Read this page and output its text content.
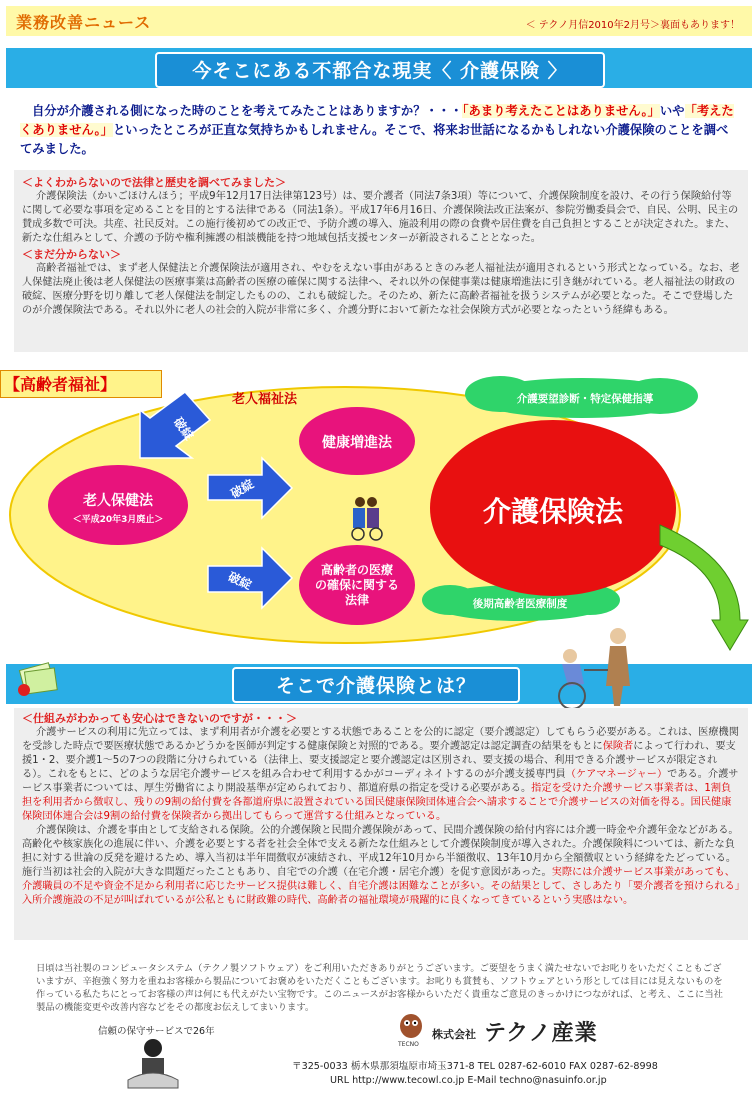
業務改善ニュース	＜ テクノ月信2010年2月号＞裏面もあります！
今そこにある不都合な現実〈 介護保険 〉
自分が介護される側になった時のことを考えてみたことはありますか？・・・「あまり考えたことはありません。」いや「考えたくありません。」といったところが正直な気持ちかもしれません。そこで、将来お世話になるかもしれない介護保険のことを調べてみました。
＜よくわからないので法律と歴史を調べてみました＞

介護保険法（かいごほけんほう；平成9年12月17日法律第123号）は、要介護者（同法7条3項）等について、介護保険制度を設け、その行う保険給付等に関して必要な事項を定めることを目的とする法律である（同法1条）。平成17年6月16日、介護保険法改正法案が、参院労働委員会で、自民、公明、民主の賛成多数で可決。共産、社民反対。この施行後初めての改正で、予防介護の導入、施設利用の際の食費や居住費を自己負担とすることが決定された。また、新たな仕組みとして、介護の予防や権利擁護の相談機能を持つ地域包括支援センターが新設されることとなった。

＜まだ分からない＞

高齢者福祉では、まず老人保健法と介護保険法が適用され、やむをえない事由があるときのみ老人福祉法が適用されるという形式となっている。なお、老人保健法廃止後は老人保健法の医療事業は高齢者の医療の確保に関する法律へ、それ以外の保健事業は健康増進法に引き継がれている。老人福祉法の財政の破綻、医療分野を切り離して老人保健法を制定したものの、これも破綻した。そのため、新たに高齢者福祉を扱うシステムが必要となった。そこで登場したのが介護保険法である。それ以外に老人の社会的入院が非常に多く、介護分野において新たな社会保険方式が必要となったという経緯もある。

【高齢者福祉】
老人福祉法
健康増進法
老人保健法
＜平成20年3月廃止＞
高齢者の医療
の確保に関する
法律
介護保険法
介護要望診断・特定保健指導
後期高齢者医療制度
破綻
破綻
破綻
そこで介護保険とは？
＜仕組みがわかっても安心はできないのですが・・・＞

介護サービスの利用に先立っては、まず利用者が介護を必要とする状態であることを公的に認定（要介護認定）してもらう必要がある。これは、医療機関を受診した時点で要医療状態であるかどうかを医師が判定する健康保険と対照的である。要介護認定は認定調査の結果をもとに保険者によって行われ、要支援1・2、要介護1〜5の7つの段階に分けられている（法律上、要支援認定と要介護認定は区別され、要支援の場合、利用できる介護サービスが限定される）。これをもとに、どのような居宅介護サービスを組み合わせて利用するかがコーディネイトするのが介護支援専門員（ケアマネージャー）である。介護サービス事業者については、厚生労働省により開設基準が定められており、都道府県の指定を受ける必要がある。指定を受けた介護サービス事業者は、1割負担を利用者から徴収し、残りの9割の給付費を各都道府県に設置されている国民健康保険団体連合会へ請求することで介護サービスの対価を得る。国民健康保険団体連合会は9割の給付費を保険者から拠出してもらって運営する仕組みとなっている。

介護保険は、介護を事由として支給される保険。公的介護保険と民間介護保険があって、民間介護保険の給付内容には介護一時金や介護年金などがある。高齢化や核家族化の進展に伴い、介護を必要とする者を社会全体で支える新たな仕組みとして介護保険制度が導入された。介護保険料については、新たな負担に対する世論の反発を避けるため、導入当初は半年間徴収が凍結され、平成12年10月から半額徴収、13年10月から全額徴収という経緯をたどっている。施行当初は社会的入院が大きな問題だったこともあり、自宅での介護（在宅介護・居宅介護）を促す意図があった。実際には介護サービス事業があっても、介護職員の不足や資金不足から利用者に応じたサービス提供は難しく、自宅介護は困難なことが多い。その結果として、さしあたり「要介護者を預けられる」入所介護施設の不足が叫ばれているが公私ともに財政難の時代、高齢者の福祉環境が飛躍的に良くなってきているという実感はない。

日頃は当社製のコンピュータシステム（テクノ製ソフトウェア）をご利用いただきありがとうございます。ご要望をうまく満たせないでお叱りをいただくこともございますが、辛抱強く努力を重ねお客様から製品についてお褒めをいただくこともございます。お叱りも賞賛も、ソフトウェアという形としては目には見えないものを作っている私たちにとってお客様の声は何にも代えがたい宝物です。このニュースがお客様からいただく貴重なご意見のきっかけにつながれば、と考え、ここに当社製品の機能変更や改善内容などをその都度お伝えしてまいります。
信頼の保守サービスで26年
TECNO
株式会社 テクノ産業
〒325-0033 栃木県那須塩原市埼玉371-8 TEL 0287-62-6010 FAX 0287-62-8998
URL http://www.tecowl.co.jp E-Mail techno@nasuinfo.or.jp
